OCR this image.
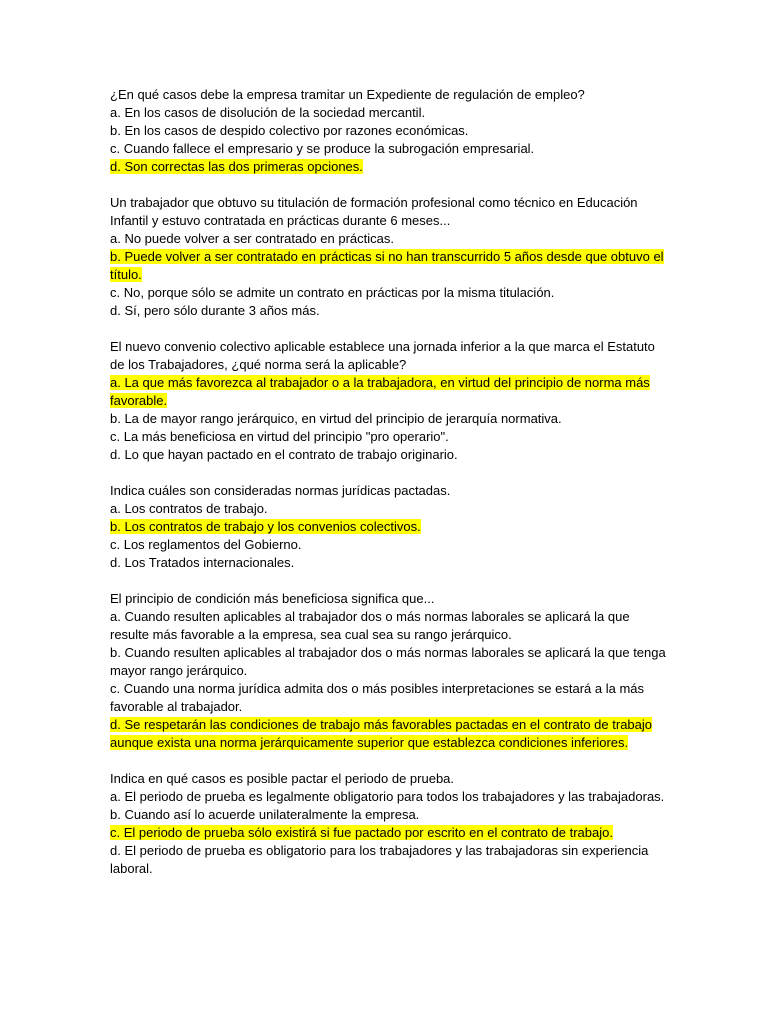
¿En qué casos debe la empresa tramitar un Expediente de regulación de empleo?
a. En los casos de disolución de la sociedad mercantil.
b. En los casos de despido colectivo por razones económicas.
c. Cuando fallece el empresario y se produce la subrogación empresarial.
d. Son correctas las dos primeras opciones.
Un trabajador que obtuvo su titulación de formación profesional como técnico en Educación Infantil y estuvo contratada en prácticas durante 6 meses...
a. No puede volver a ser contratado en prácticas.
b. Puede volver a ser contratado en prácticas si no han transcurrido 5 años desde que obtuvo el título.
c. No, porque sólo se admite un contrato en prácticas por la misma titulación.
d. Sí, pero sólo durante 3 años más.
El nuevo convenio colectivo aplicable establece una jornada inferior a la que marca el Estatuto de los Trabajadores, ¿qué norma será la aplicable?
a. La que más favorezca al trabajador o a la trabajadora, en virtud del principio de norma más favorable.
b. La de mayor rango jerárquico, en virtud del principio de jerarquía normativa.
c. La más beneficiosa en virtud del principio "pro operario".
d. Lo que hayan pactado en el contrato de trabajo originario.
Indica cuáles son consideradas normas jurídicas pactadas.
a. Los contratos de trabajo.
b. Los contratos de trabajo y los convenios colectivos.
c. Los reglamentos del Gobierno.
d. Los Tratados internacionales.
El principio de condición más beneficiosa significa que...
a. Cuando resulten aplicables al trabajador dos o más normas laborales se aplicará la que resulte más favorable a la empresa, sea cual sea su rango jerárquico.
b. Cuando resulten aplicables al trabajador dos o más normas laborales se aplicará la que tenga mayor rango jerárquico.
c. Cuando una norma jurídica admita dos o más posibles interpretaciones se estará a la más favorable al trabajador.
d. Se respetarán las condiciones de trabajo más favorables pactadas en el contrato de trabajo aunque exista una norma jerárquicamente superior que establezca condiciones inferiores.
Indica en qué casos es posible pactar el periodo de prueba.
a. El periodo de prueba es legalmente obligatorio para todos los trabajadores y las trabajadoras.
b. Cuando así lo acuerde unilateralmente la empresa.
c. El periodo de prueba sólo existirá si fue pactado por escrito en el contrato de trabajo.
d. El periodo de prueba es obligatorio para los trabajadores y las trabajadoras sin experiencia laboral.
